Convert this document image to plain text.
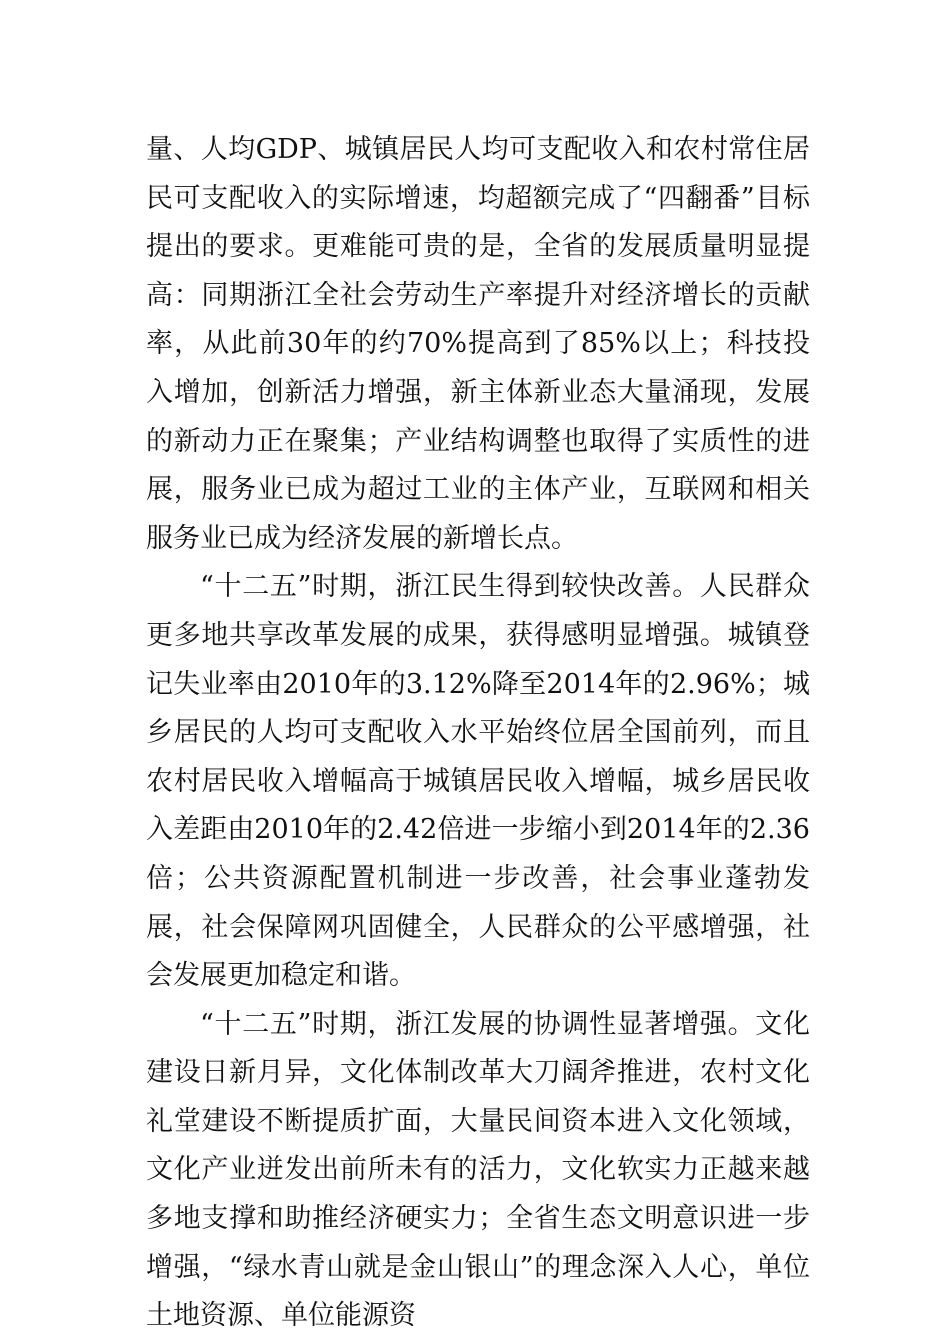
量、人均GDP、城镇居民人均可支配收入和农村常住居民可支配收入的实际增速，均超额完成了“四翻番”目标提出的要求。更难能可贵的是，全省的发展质量明显提高：同期浙江全社会劳动生产率提升对经济增长的贡献率，从此前30年的约70%提高到了85%以上；科技投入增加，创新活力增强，新主体新业态大量涌现，发展的新动力正在聚集；产业结构调整也取得了实质性的进展，服务业已成为超过工业的主体产业，互联网和相关服务业已成为经济发展的新增长点。

“十二五”时期，浙江民生得到较快改善。人民群众更多地共享改革发展的成果，获得感明显增强。城镇登记失业率由2010年的3.12%降至2014年的2.96%；城乡居民的人均可支配收入水平始终位居全国前列，而且农村居民收入增幅高于城镇居民收入增幅，城乡居民收入差距由2010年的2.42倍进一步缩小到2014年的2.36倍；公共资源配置机制进一步改善，社会事业蓬勃发展，社会保障网巩固健全，人民群众的公平感增强，社会发展更加稳定和谐。

“十二五”时期，浙江发展的协调性显著增强。文化建设日新月异，文化体制改革大刀阔斧推进，农村文化礼堂建设不断提质扩面，大量民间资本进入文化领域，文化产业迸发出前所未有的活力，文化软实力正越来越多地支撑和助推经济硬实力；全省生态文明意识进一步增强，“绿水青山就是金山银山”的理念深入人心，单位土地资源、单位能源资
